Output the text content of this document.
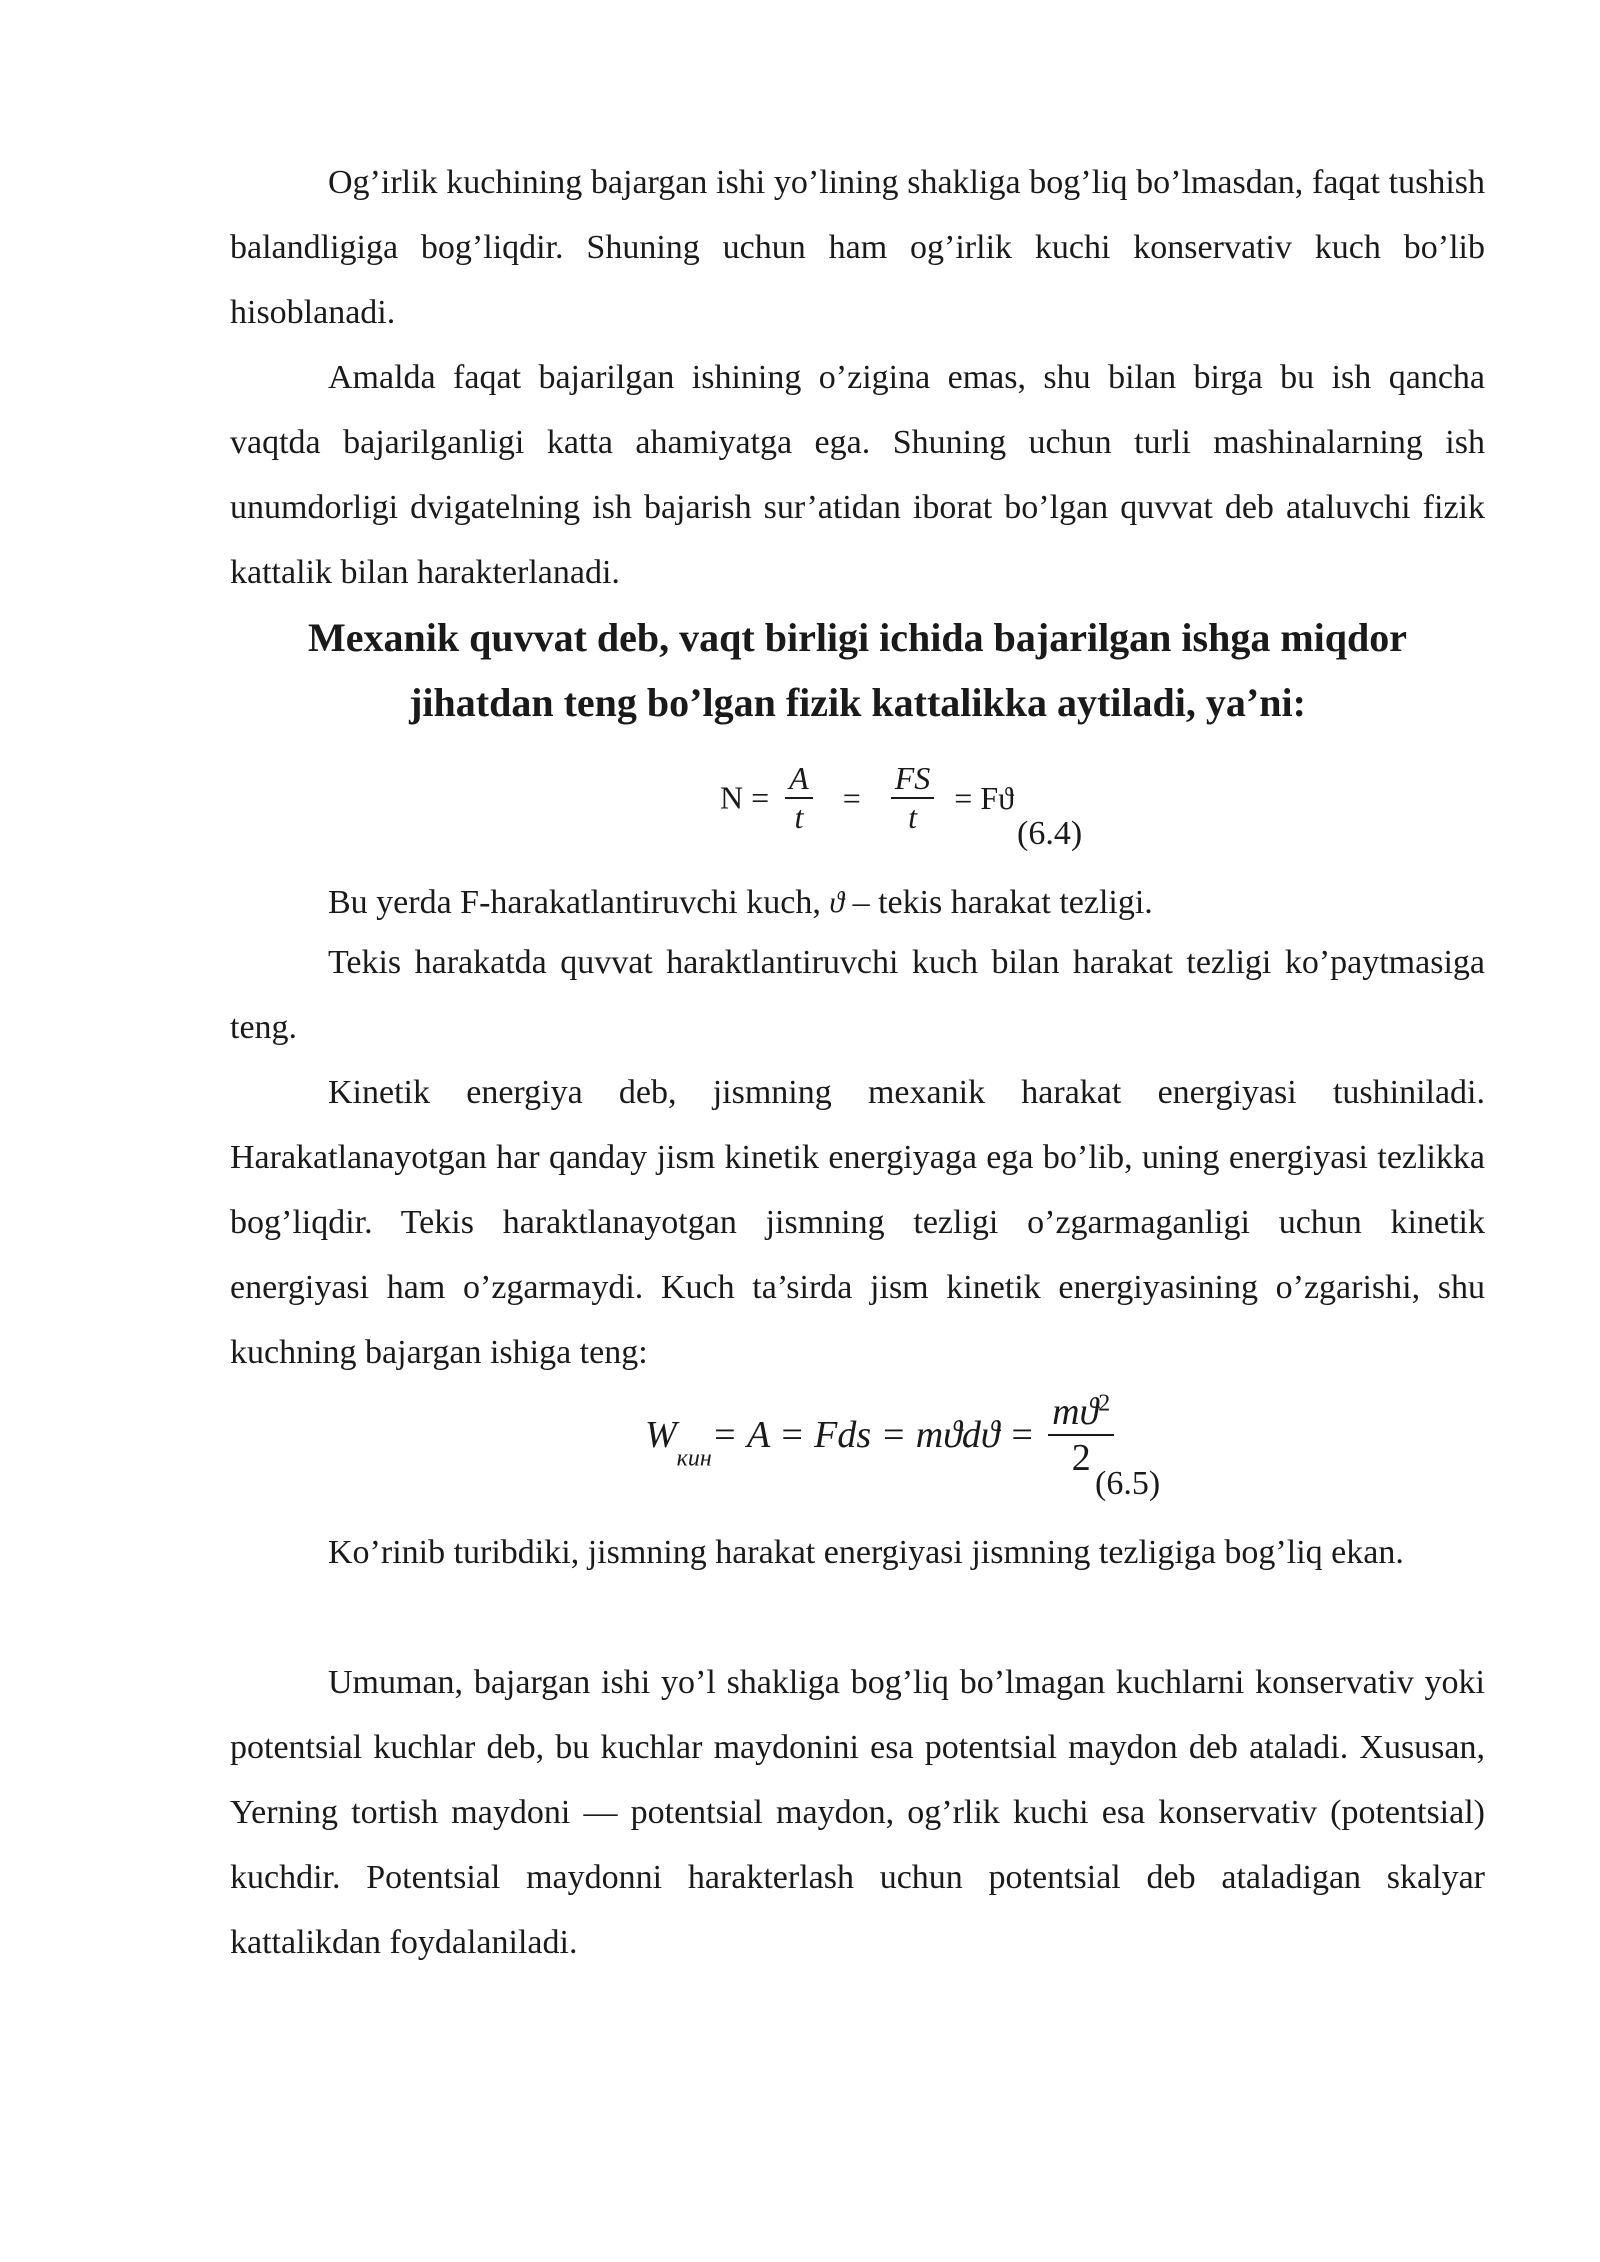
Og’irlik kuchining bajargan ishi yo’lining shakliga bog’liq bo’lmasdan, faqat tushish balandligiga bog’liqdir. Shuning uchun ham og’irlik kuchi konservativ kuch bo’lib hisoblanadi.

Amalda faqat bajarilgan ishining o’zigina emas, shu bilan birga bu ish qancha vaqtda bajarilganligi katta ahamiyatga ega. Shuning uchun turli mashinalarning ish unumdorligi dvigatelning ish bajarish sur’atidan iborat bo’lgan quvvat deb ataluvchi fizik kattalik bilan harakterlanadi.

Mexanik quvvat deb, vaqt birligi ichida bajarilgan ishga miqdor
jihatdan teng bo’lgan fizik kattalikka aytiladi, ya’ni:
$N = \frac{A}{t} = \frac{FS}{t} = Fϑ$
(6.4)

Bu yerda F-harakatlantiruvchi kuch, ϑ – tekis harakat tezligi.

Tekis harakatda quvvat haraktlantiruvchi kuch bilan harakat tezligi ko’paytmasiga teng.

Kinetik energiya deb, jismning mexanik harakat energiyasi tushiniladi. Harakatlanayotgan har qanday jism kinetik energiyaga ega bo’lib, uning energiyasi tezlikka bog’liqdir. Tekis haraktlanayotgan jismning tezligi o’zgarmaganligi uchun kinetik energiyasi ham o’zgarmaydi. Kuch ta’sirda jism kinetik energiyasining o’zgarishi, shu kuchning bajargan ishiga teng:

$W_{кин}= A$ = Fds = $mϑdϑ = \frac{mϑ^2}{2}$
(6.5)

Ko’rinib turibdiki, jismning harakat energiyasi jismning tezligiga bog’liq ekan.

Umuman, bajargan ishi yo’l shakliga bog’liq bo’lmagan kuchlarni konservativ yoki potentsial kuchlar deb, bu kuchlar maydonini esa potentsial maydon deb ataladi. Xususan, Yerning tortish maydoni — potentsial maydon, og’rlik kuchi esa konservativ (potentsial) kuchdir. Potentsial maydonni harakterlash uchun potentsial deb ataladigan skalyar kattalikdan foydalaniladi.
